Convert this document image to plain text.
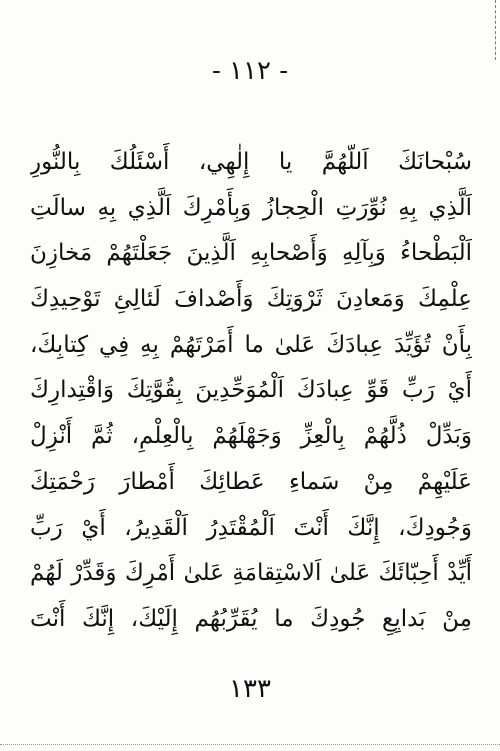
- ١١٢ -
سُبْحانَكَ اَللّهُمَّ يا إِلٰهِي، أَسْئَلُكَ بِالنُّورِ
اَلَّذِي بِهِ نُوِّرَتِ الْحِجازُ وَبِأَمْرِكَ اَلَّذِي بِهِ سالَتِ
اَلْبَطْحاءُ وَبِآلِهِ وَأَصْحابِهِ اَلَّذِينَ جَعَلْتَهُمْ مَخازِنَ
عِلْمِكَ وَمَعادِنَ ثَرْوَتِكَ وَأَصْدافَ لَئالِئِ تَوْحِيدِكَ
بِأَنْ تُؤَيِّدَ عِبادَكَ عَلىٰ ما أَمَرْتَهُمْ بِهِ فِي كِتابِكَ،
أَيْ رَبِّ قَوِّ عِبادَكَ اَلْمُوَحِّدِينَ بِقُوَّتِكَ وَاقْتِدارِكَ
وَبَدِّلْ ذُلَّهُمْ بِالْعِزِّ وَجَهْلَهُمْ بِالْعِلْمِ، ثُمَّ أَنْزِلْ
عَلَيْهِمْ مِنْ سَماءِ عَطائِكَ أَمْطارَ رَحْمَتِكَ
وَجُودِكَ، إِنَّكَ أَنْتَ اَلْمُقْتَدِرُ اَلْقَدِيرُ، أَيْ رَبِّ
أَيِّدْ أَحِبّائَكَ عَلىٰ اَلاسْتِقامَةِ عَلىٰ أَمْرِكَ وَقَدِّرْ لَهُمْ
مِنْ بَدايِعِ جُودِكَ ما يُقَرِّبُهُم إِلَيْكَ، إِنَّكَ أَنْتَ
١٣٣
